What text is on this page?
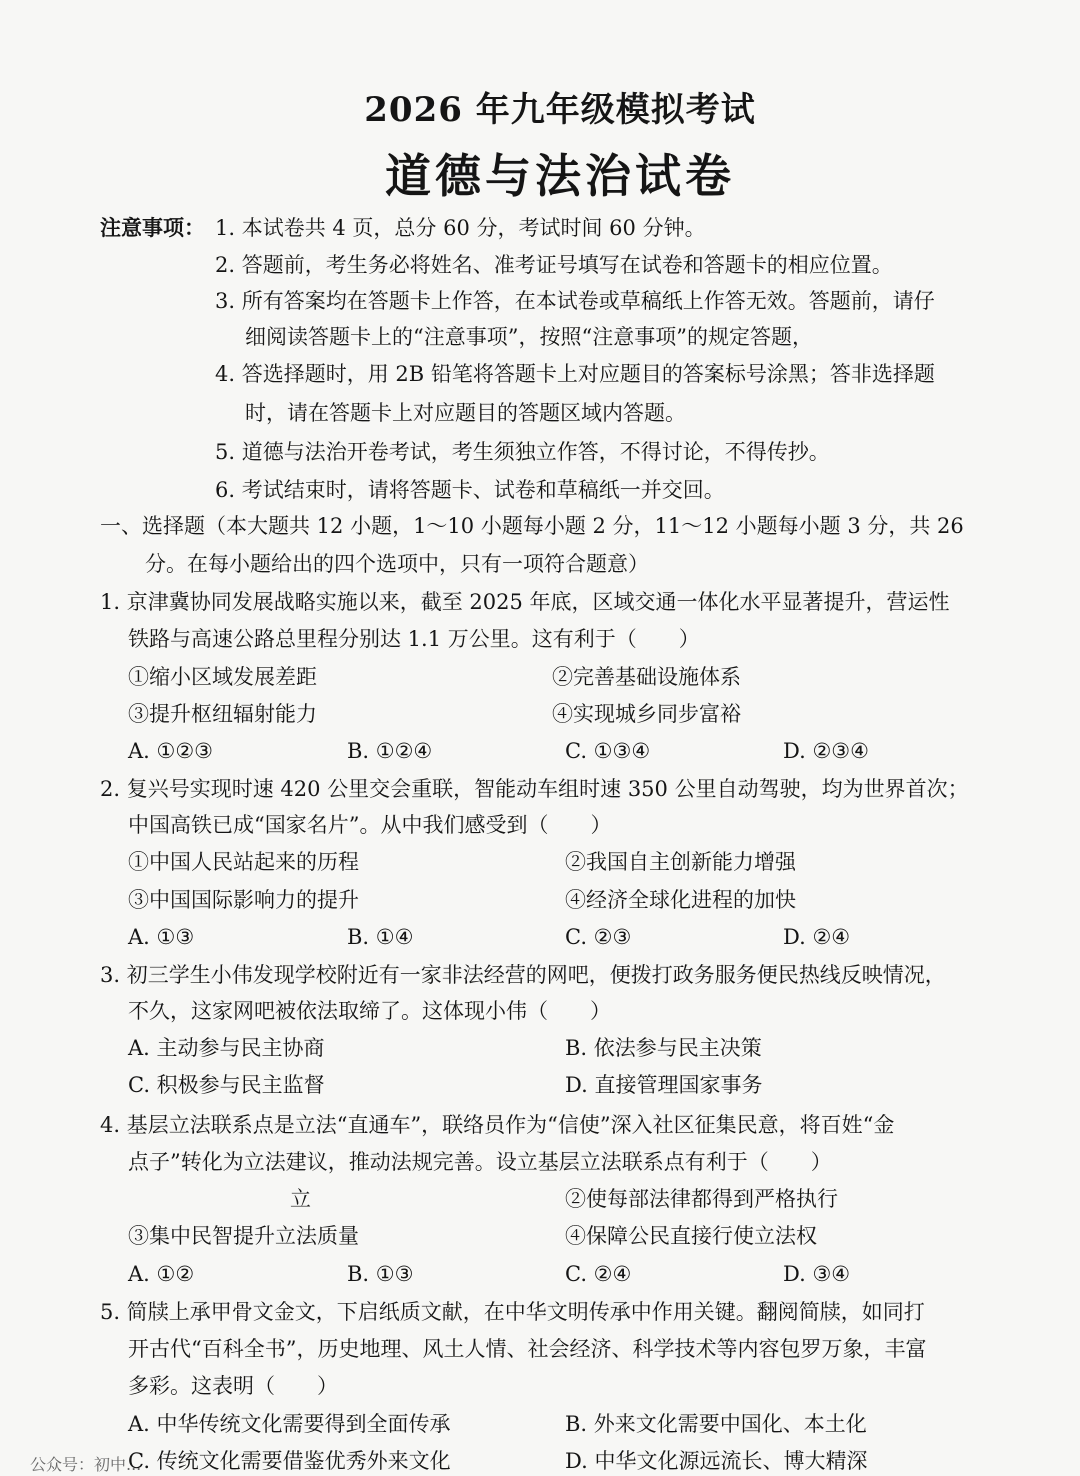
2026 年九年级模拟考试
道德与法治试卷
注意事项： 1. 本试卷共 4 页，总分 60 分，考试时间 60 分钟。
2. 答题前，考生务必将姓名、准考证号填写在试卷和答题卡的相应位置。
3. 所有答案均在答题卡上作答，在本试卷或草稿纸上作答无效。答题前，请仔
细阅读答题卡上的“注意事项”，按照“注意事项”的规定答题，
4. 答选择题时，用 2B 铅笔将答题卡上对应题目的答案标号涂黑；答非选择题
时，请在答题卡上对应题目的答题区域内答题。
5. 道德与法治开卷考试，考生须独立作答，不得讨论，不得传抄。
6. 考试结束时，请将答题卡、试卷和草稿纸一并交回。
一、选择题（本大题共 12 小题，1～10 小题每小题 2 分，11～12 小题每小题 3 分，共 26
分。在每小题给出的四个选项中，只有一项符合题意）
1. 京津冀协同发展战略实施以来，截至 2025 年底，区域交通一体化水平显著提升，营运性
铁路与高速公路总里程分别达 1.1 万公里。这有利于（　　）
①缩小区域发展差距	②完善基础设施体系
③提升枢纽辐射能力	④实现城乡同步富裕
A. ①②③	B. ①②④	C. ①③④	D. ②③④
2. 复兴号实现时速 420 公里交会重联，智能动车组时速 350 公里自动驾驶，均为世界首次；
中国高铁已成“国家名片”。从中我们感受到（　　）
①中国人民站起来的历程	②我国自主创新能力增强
③中国国际影响力的提升	④经济全球化进程的加快
A. ①③	B. ①④	C. ②③	D. ②④
3. 初三学生小伟发现学校附近有一家非法经营的网吧，便拨打政务服务便民热线反映情况，
不久，这家网吧被依法取缔了。这体现小伟（　　）
A. 主动参与民主协商	B. 依法参与民主决策
C. 积极参与民主监督	D. 直接管理国家事务
4. 基层立法联系点是立法“直通车”，联络员作为“信使”深入社区征集民意，将百姓“金
点子”转化为立法建议，推动法规完善。设立基层立法联系点有利于（　　）
立	②使每部法律都得到严格执行
③集中民智提升立法质量	④保障公民直接行使立法权
A. ①②	B. ①③	C. ②④	D. ③④
5. 简牍上承甲骨文金文，下启纸质文献，在中华文明传承中作用关键。翻阅简牍，如同打
开古代“百科全书”，历史地理、风土人情、社会经济、科学技术等内容包罗万象，丰富
多彩。这表明（　　）
A. 中华传统文化需要得到全面传承	B. 外来文化需要中国化、本土化
C. 传统文化需要借鉴优秀外来文化	D. 中华文化源远流长、博大精深
公众号：初中...
